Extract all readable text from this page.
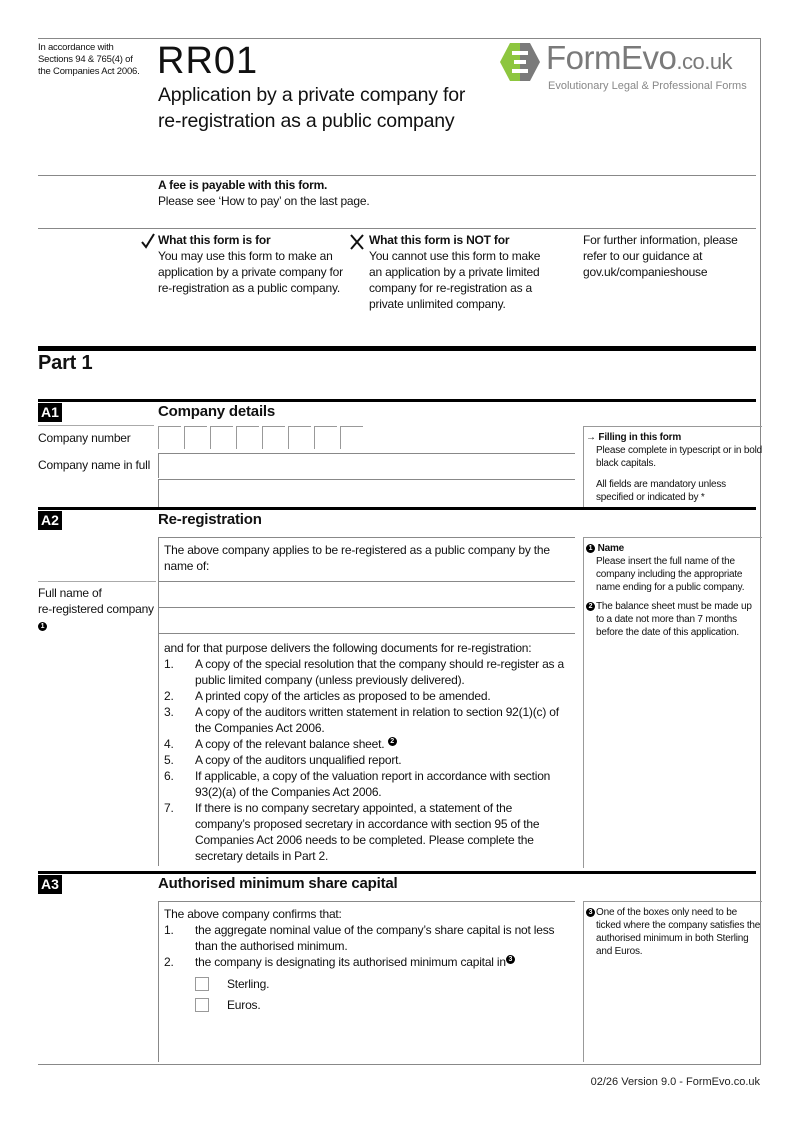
In accordance with
Sections 94 & 765(4) of
the Companies Act 2006. RR01
Application by a private company for
re-registration as a public company
FormEvo.co.uk
Evolutionary Legal & Professional Forms
A fee is payable with this form.
Please see ‘How to pay’ on the last page.
What this form is for
You may use this form to make an
application by a private company for
re-registration as a public company.
What this form is NOT for
You cannot use this form to make
an application by a private limited
company for re-registration as a
private unlimited company.
For further information, please
refer to our guidance at
gov.uk/companieshouse
Part 1
A1	Company details
Company number
Company name in full
→ Filling in this form
Please complete in typescript or in bold black capitals.
All fields are mandatory unless specified or indicated by *
A2	Re-registration
The above company applies to be re-registered as a public company by the name of:
Full name of
re-registered company
1
and for that purpose delivers the following documents for re-registration:
1. A copy of the special resolution that the company should re-register as a public limited company (unless previously delivered).
2. A printed copy of the articles as proposed to be amended.
3. A copy of the auditors written statement in relation to section 92(1)(c) of the Companies Act 2006.
4. A copy of the relevant balance sheet. 2
5. A copy of the auditors unqualified report.
6. If applicable, a copy of the valuation report in accordance with section 93(2)(a) of the Companies Act 2006.
7. If there is no company secretary appointed, a statement of the company’s proposed secretary in accordance with section 95 of the Companies Act 2006 needs to be completed. Please complete the secretary details in Part 2.
1 Name
Please insert the full name of the company including the appropriate name ending for a public company.
2 The balance sheet must be made up to a date not more than 7 months before the date of this application.
A3	Authorised minimum share capital
The above company confirms that:
1. the aggregate nominal value of the company’s share capital is not less than the authorised minimum.
2. the company is designating its authorised minimum capital in 3
Sterling.
Euros.
3 One of the boxes only need to be ticked where the company satisfies the authorised minimum in both Sterling and Euros.
02/26 Version 9.0 - FormEvo.co.uk
